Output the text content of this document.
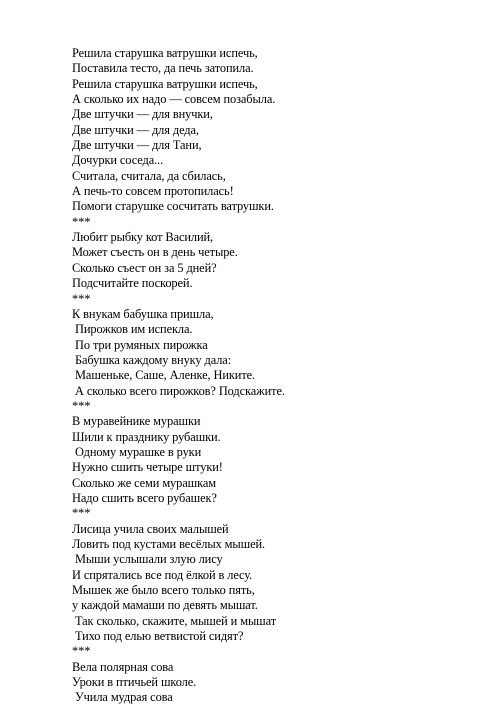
Решила старушка ватрушки испечь,
Поставила тесто, да печь затопила.
Решила старушка ватрушки испечь,
А сколько их надо — совсем позабыла.
Две штучки — для внучки,
Две штучки — для деда,
Две штучки — для Тани,
Дочурки соседа...
Считала, считала, да сбилась,
А печь-то совсем протопилась!
Помоги старушке сосчитать ватрушки.
***
Любит рыбку кот Василий,
Может съесть он в день четыре.
Сколько съест он за 5 дней?
Подсчитайте поскорей.
***
К внукам бабушка пришла,
Пирожков им испекла.
По три румяных пирожка
Бабушка каждому внуку дала:
Машеньке, Саше, Аленке, Никите.
А сколько всего пирожков? Подскажите.
***
В муравейнике мурашки
Шили к празднику рубашки.
Одному мурашке в руки
Нужно сшить четыре штуки!
Сколько же семи мурашкам
Надо сшить всего рубашек?
***
Лисица учила своих малышей
Ловить под кустами весёлых мышей.
Мыши услышали злую лису
И спрятались все под ёлкой в лесу.
Мышек же было всего только пять,
у каждой мамаши по девять мышат.
Так сколько, скажите, мышей и мышат
Тихо под елью ветвистой сидят?
***
Вела полярная сова
Уроки в птичьей школе.
Учила мудрая сова
